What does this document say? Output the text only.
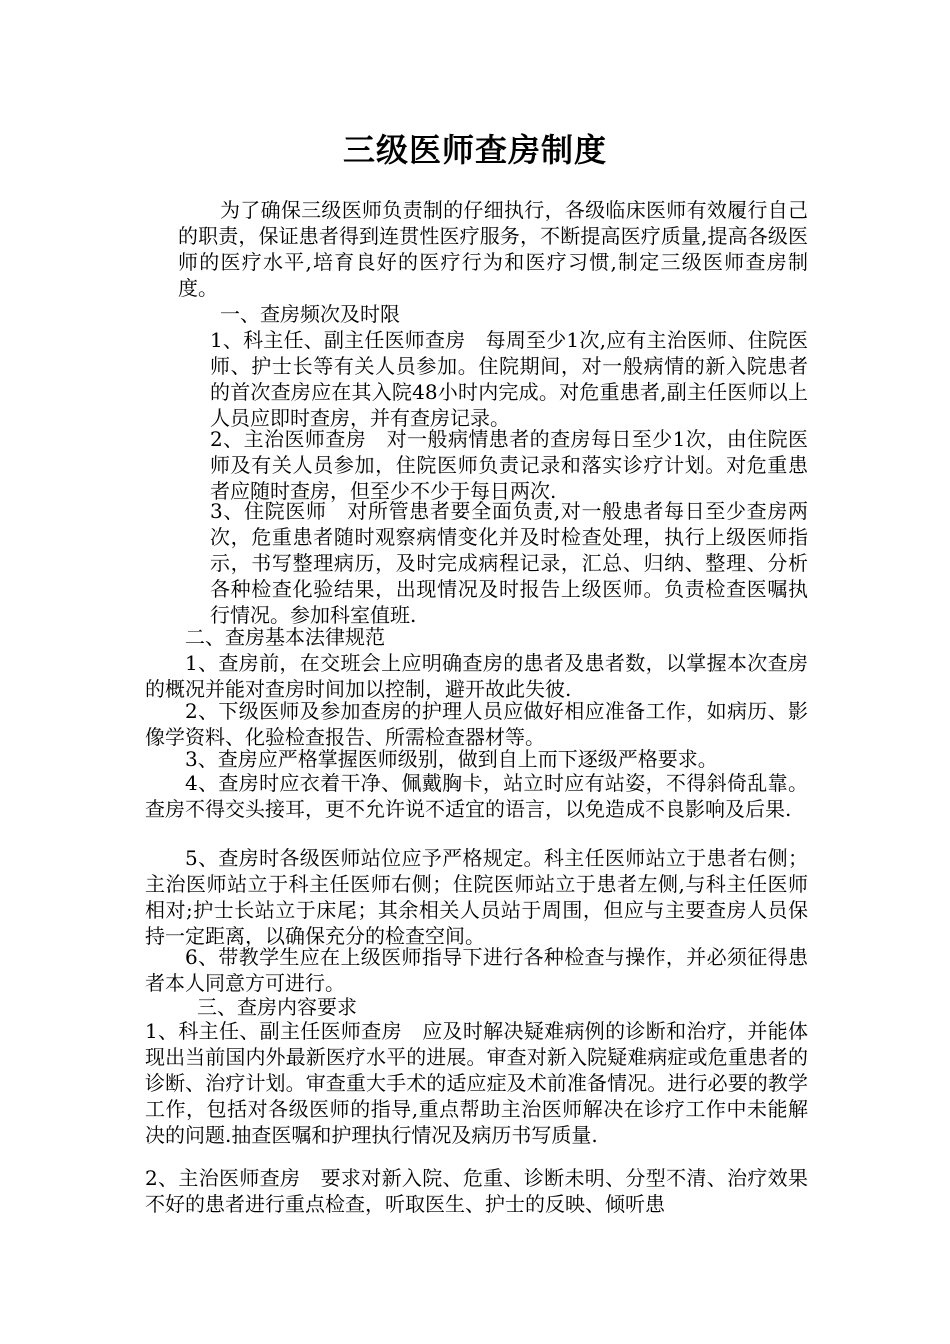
三级医师查房制度

为了确保三级医师负责制的仔细执行，各级临床医师有效履行自己的职责，保证患者得到连贯性医疗服务，不断提高医疗质量,提高各级医师的医疗水平,培育良好的医疗行为和医疗习惯,制定三级医师查房制度。

一、查房频次及时限

1、科主任、副主任医师查房　每周至少1次,应有主治医师、住院医师、护士长等有关人员参加。住院期间，对一般病情的新入院患者的首次查房应在其入院48小时内完成。对危重患者,副主任医师以上人员应即时查房，并有查房记录。

2、主治医师查房　对一般病情患者的查房每日至少1次，由住院医师及有关人员参加，住院医师负责记录和落实诊疗计划。对危重患者应随时查房，但至少不少于每日两次.

3、住院医师　对所管患者要全面负责,对一般患者每日至少查房两次，危重患者随时观察病情变化并及时检查处理，执行上级医师指示，书写整理病历，及时完成病程记录，汇总、归纳、整理、分析各种检查化验结果，出现情况及时报告上级医师。负责检查医嘱执行情况。参加科室值班.

二、查房基本法律规范

1、查房前，在交班会上应明确查房的患者及患者数，以掌握本次查房的概况并能对查房时间加以控制，避开故此失彼.

2、下级医师及参加查房的护理人员应做好相应准备工作，如病历、影像学资料、化验检查报告、所需检查器材等。

3、查房应严格掌握医师级别，做到自上而下逐级严格要求。

4、查房时应衣着干净、佩戴胸卡，站立时应有站姿，不得斜倚乱靠。查房不得交头接耳，更不允许说不适宜的语言，以免造成不良影响及后果.

5、查房时各级医师站位应予严格规定。科主任医师站立于患者右侧；主治医师站立于科主任医师右侧；住院医师站立于患者左侧,与科主任医师相对;护士长站立于床尾；其余相关人员站于周围，但应与主要查房人员保持一定距离，以确保充分的检查空间。

6、带教学生应在上级医师指导下进行各种检查与操作，并必须征得患者本人同意方可进行。

三、查房内容要求

1、科主任、副主任医师查房　应及时解决疑难病例的诊断和治疗，并能体现出当前国内外最新医疗水平的进展。审查对新入院疑难病症或危重患者的诊断、治疗计划。审查重大手术的适应症及术前准备情况。进行必要的教学工作，包括对各级医师的指导,重点帮助主治医师解决在诊疗工作中未能解决的问题.抽查医嘱和护理执行情况及病历书写质量.

2、主治医师查房　要求对新入院、危重、诊断未明、分型不清、治疗效果不好的患者进行重点检查，听取医生、护士的反映、倾听患
